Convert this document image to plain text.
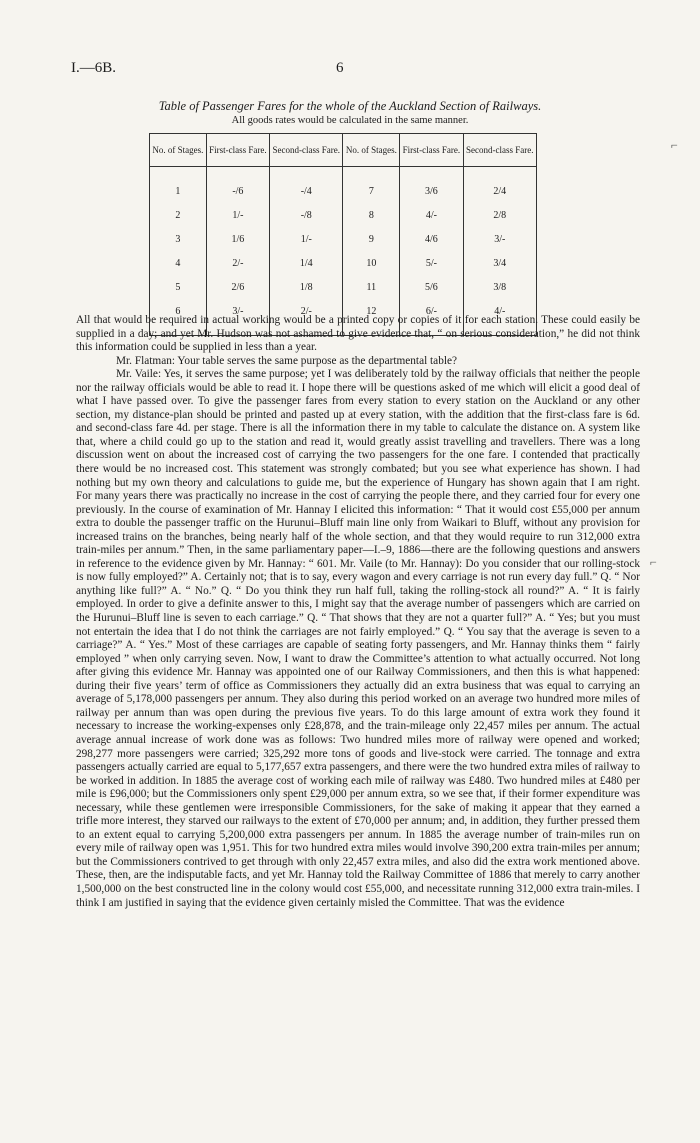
I.—6B.	6
Table of Passenger Fares for the whole of the Auckland Section of Railways.
All goods rates would be calculated in the same manner.
No. of Stages.	First-class Fare.	Second-class Fare.	No. of Stages.	First-class Fare.	Second-class Fare.

1	-/6	-/4	7	3/6	2/4
2	1/-	-/8	8	4/-	2/8
3	1/6	1/-	9	4/6	3/-
4	2/-	1/4	10	5/-	3/4
5	2/6	1/8	11	5/6	3/8
6	3/-	2/-	12	6/-	4/-

⌐
⌐

All that would be required in actual working would be a printed copy or copies of it for each station. These could easily be supplied in a day; and yet Mr. Hudson was not ashamed to give evidence that, “ on serious consideration,” he did not think this information could be supplied in less than a year.

Mr. Flatman: Your table serves the same purpose as the departmental table?

Mr. Vaile: Yes, it serves the same purpose; yet I was deliberately told by the railway officials that neither the people nor the railway officials would be able to read it. I hope there will be questions asked of me which will elicit a good deal of what I have passed over. To give the passenger fares from every station to every station on the Auckland or any other section, my distance-plan should be printed and pasted up at every station, with the addition that the first-class fare is 6d. and second-class fare 4d. per stage. There is all the information there in my table to calculate the distance on. A system like that, where a child could go up to the station and read it, would greatly assist travelling and travellers. There was a long discussion went on about the increased cost of carrying the two passengers for the one fare. I contended that practically there would be no increased cost. This statement was strongly combated; but you see what experience has shown. I had nothing but my own theory and calculations to guide me, but the experience of Hungary has shown again that I am right. For many years there was practically no increase in the cost of carrying the people there, and they carried four for every one previously. In the course of examination of Mr. Hannay I elicited this information: “ That it would cost £55,000 per annum extra to double the passenger traffic on the Hurunui–Bluff main line only from Waikari to Bluff, without any provision for increased trains on the branches, being nearly half of the whole section, and that they would require to run 312,000 extra train-miles per annum.” Then, in the same parliamentary paper—I.–9, 1886—there are the following questions and answers in reference to the evidence given by Mr. Hannay: “ 601. Mr. Vaile (to Mr. Hannay): Do you consider that our rolling-stock is now fully employed?” A. Certainly not; that is to say, every wagon and every carriage is not run every day full.” Q. “ Nor anything like full?” A. “ No.” Q. “ Do you think they run half full, taking the rolling-stock all round?” A. “ It is fairly employed. In order to give a definite answer to this, I might say that the average number of passengers which are carried on the Hurunui–Bluff line is seven to each carriage.” Q. “ That shows that they are not a quarter full?” A. “ Yes; but you must not entertain the idea that I do not think the carriages are not fairly employed.” Q. “ You say that the average is seven to a carriage?” A. “ Yes.” Most of these carriages are capable of seating forty passengers, and Mr. Hannay thinks them “ fairly employed ” when only carrying seven. Now, I want to draw the Committee’s attention to what actually occurred. Not long after giving this evidence Mr. Hannay was appointed one of our Railway Commissioners, and then this is what happened: during their five years’ term of office as Commissioners they actually did an extra business that was equal to carrying an average of 5,178,000 passengers per annum. They also during this period worked on an average two hundred more miles of railway per annum than was open during the previous five years. To do this large amount of extra work they found it necessary to increase the working-expenses only £28,878, and the train-mileage only 22,457 miles per annum. The actual average annual increase of work done was as follows: Two hundred miles more of railway were opened and worked; 298,277 more passengers were carried; 325,292 more tons of goods and live-stock were carried. The tonnage and extra passengers actually carried are equal to 5,177,657 extra passengers, and there were the two hundred extra miles of railway to be worked in addition. In 1885 the average cost of working each mile of railway was £480. Two hundred miles at £480 per mile is £96,000; but the Commissioners only spent £29,000 per annum extra, so we see that, if their former expenditure was necessary, while these gentlemen were irresponsible Commissioners, for the sake of making it appear that they earned a trifle more interest, they starved our railways to the extent of £70,000 per annum; and, in addition, they further pressed them to an extent equal to carrying 5,200,000 extra passengers per annum. In 1885 the average number of train-miles run on every mile of railway open was 1,951. This for two hundred extra miles would involve 390,200 extra train-miles per annum; but the Commissioners contrived to get through with only 22,457 extra miles, and also did the extra work mentioned above. These, then, are the indisputable facts, and yet Mr. Hannay told the Railway Committee of 1886 that merely to carry another 1,500,000 on the best constructed line in the colony would cost £55,000, and necessitate running 312,000 extra train-miles. I think I am justified in saying that the evidence given certainly misled the Committee. That was the evidence
